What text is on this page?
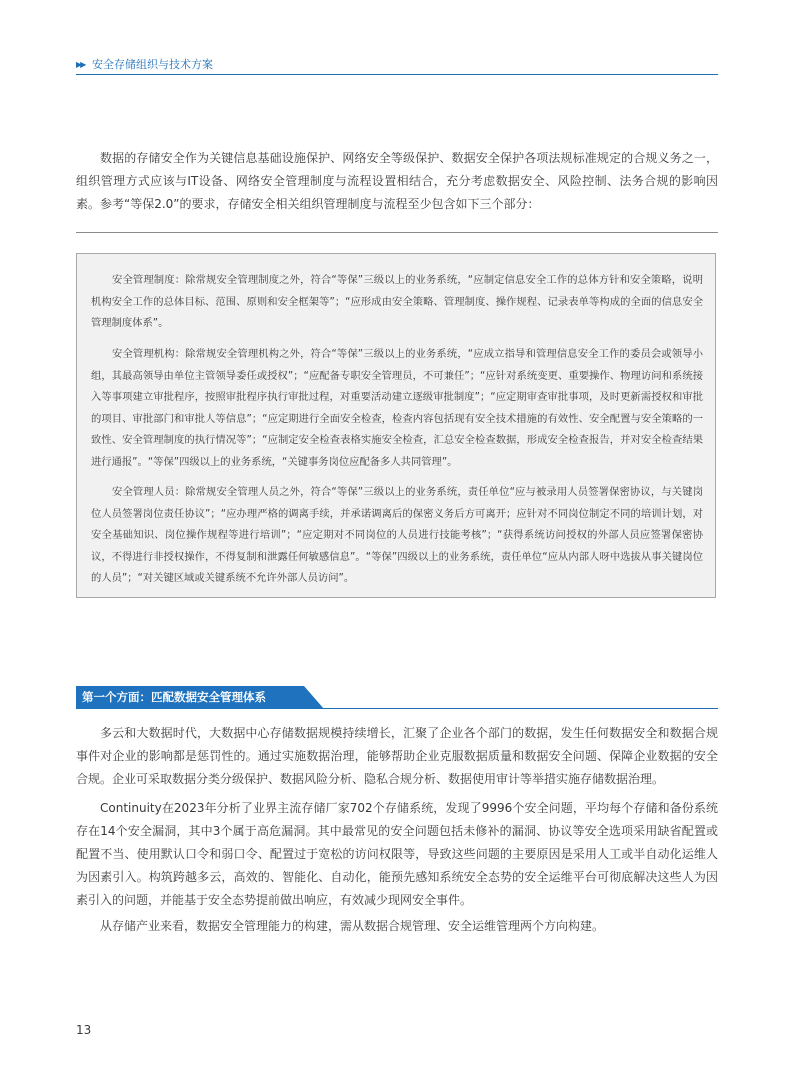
▶▶ 安全存储组织与技术方案

数据的存储安全作为关键信息基础设施保护、网络安全等级保护、数据安全保护各项法规标准规定的合规义务之一，组织管理方式应该与IT设备、网络安全管理制度与流程设置相结合，充分考虑数据安全、风险控制、法务合规的影响因素。参考“等保2.0”的要求，存储安全相关组织管理制度与流程至少包含如下三个部分：

安全管理制度：除常规安全管理制度之外，符合“等保”三级以上的业务系统，“应制定信息安全工作的总体方针和安全策略，说明机构安全工作的总体目标、范围、原则和安全框架等”；“应形成由安全策略、管理制度、操作规程、记录表单等构成的全面的信息安全管理制度体系”。

安全管理机构：除常规安全管理机构之外，符合“等保”三级以上的业务系统，“应成立指导和管理信息安全工作的委员会或领导小组，其最高领导由单位主管领导委任或授权”；“应配备专职安全管理员，不可兼任”；“应针对系统变更、重要操作、物理访问和系统接入等事项建立审批程序，按照审批程序执行审批过程，对重要活动建立逐级审批制度”；“应定期审查审批事项，及时更新需授权和审批的项目、审批部门和审批人等信息”；“应定期进行全面安全检查，检查内容包括现有安全技术措施的有效性、安全配置与安全策略的一致性、安全管理制度的执行情况等”；“应制定安全检查表格实施安全检查，汇总安全检查数据，形成安全检查报告，并对安全检查结果进行通报”。“等保”四级以上的业务系统，“关键事务岗位应配备多人共同管理”。

安全管理人员：除常规安全管理人员之外，符合“等保”三级以上的业务系统，责任单位“应与被录用人员签署保密协议，与关键岗位人员签署岗位责任协议”；“应办理严格的调离手续，并承诺调离后的保密义务后方可离开；应针对不同岗位制定不同的培训计划，对安全基础知识、岗位操作规程等进行培训”；“应定期对不同岗位的人员进行技能考核”；“获得系统访问授权的外部人员应签署保密协议，不得进行非授权操作，不得复制和泄露任何敏感信息”。“等保”四级以上的业务系统，责任单位“应从内部人呀中选拔从事关键岗位的人员”；“对关键区域或关键系统不允许外部人员访问”。

第一个方面：匹配数据安全管理体系

多云和大数据时代，大数据中心存储数据规模持续增长，汇聚了企业各个部门的数据，发生任何数据安全和数据合规事件对企业的影响都是惩罚性的。通过实施数据治理，能够帮助企业克服数据质量和数据安全问题、保障企业数据的安全合规。企业可采取数据分类分级保护、数据风险分析、隐私合规分析、数据使用审计等举措实施存储数据治理。

Continuity在2023年分析了业界主流存储厂家702个存储系统，发现了9996个安全问题，平均每个存储和备份系统存在14个安全漏洞，其中3个属于高危漏洞。其中最常见的安全问题包括未修补的漏洞、协议等安全选项采用缺省配置或配置不当、使用默认口令和弱口令、配置过于宽松的访问权限等，导致这些问题的主要原因是采用人工或半自动化运维人为因素引入。构筑跨越多云，高效的、智能化、自动化，能预先感知系统安全态势的安全运维平台可彻底解决这些人为因素引入的问题，并能基于安全态势提前做出响应，有效减少现网安全事件。

从存储产业来看，数据安全管理能力的构建，需从数据合规管理、安全运维管理两个方向构建。

13
